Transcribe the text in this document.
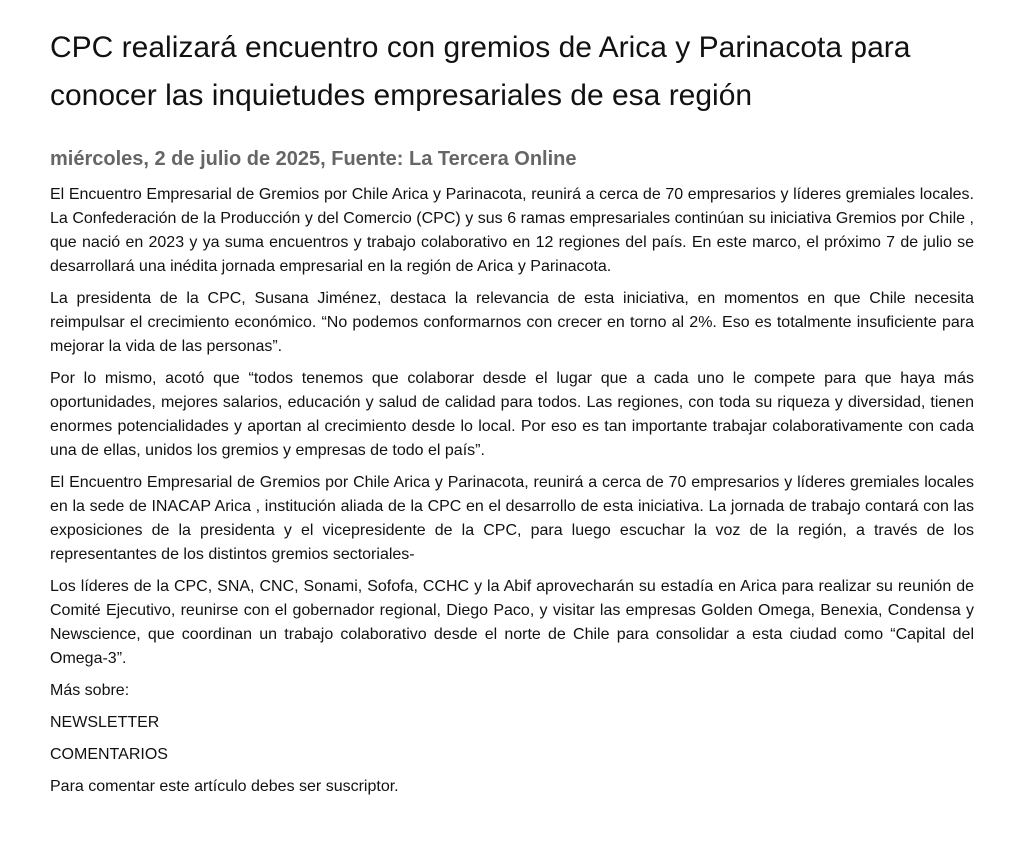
CPC realizará encuentro con gremios de Arica y Parinacota para conocer las inquietudes empresariales de esa región
miércoles, 2 de julio de 2025, Fuente: La Tercera Online

El Encuentro Empresarial de Gremios por Chile Arica y Parinacota, reunirá a cerca de 70 empresarios y líderes gremiales locales. La Confederación de la Producción y del Comercio (CPC) y sus 6 ramas empresariales continúan su iniciativa Gremios por Chile , que nació en 2023 y ya suma encuentros y trabajo colaborativo en 12 regiones del país. En este marco, el próximo 7 de julio se desarrollará una inédita jornada empresarial en la región de Arica y Parinacota.

La presidenta de la CPC, Susana Jiménez, destaca la relevancia de esta iniciativa, en momentos en que Chile necesita reimpulsar el crecimiento económico. “No podemos conformarnos con crecer en torno al 2%. Eso es totalmente insuficiente para mejorar la vida de las personas”.

Por lo mismo, acotó que “todos tenemos que colaborar desde el lugar que a cada uno le compete para que haya más oportunidades, mejores salarios, educación y salud de calidad para todos. Las regiones, con toda su riqueza y diversidad, tienen enormes potencialidades y aportan al crecimiento desde lo local. Por eso es tan importante trabajar colaborativamente con cada una de ellas, unidos los gremios y empresas de todo el país”.

El Encuentro Empresarial de Gremios por Chile Arica y Parinacota, reunirá a cerca de 70 empresarios y líderes gremiales locales en la sede de INACAP Arica , institución aliada de la CPC en el desarrollo de esta iniciativa. La jornada de trabajo contará con las exposiciones de la presidenta y el vicepresidente de la CPC, para luego escuchar la voz de la región, a través de los representantes de los distintos gremios sectoriales-

Los líderes de la CPC, SNA, CNC, Sonami, Sofofa, CCHC y la Abif aprovecharán su estadía en Arica para realizar su reunión de Comité Ejecutivo, reunirse con el gobernador regional, Diego Paco, y visitar las empresas Golden Omega, Benexia, Condensa y Newscience, que coordinan un trabajo colaborativo desde el norte de Chile para consolidar a esta ciudad como “Capital del Omega-3”.

Más sobre:

NEWSLETTER

COMENTARIOS

Para comentar este artículo debes ser suscriptor.
